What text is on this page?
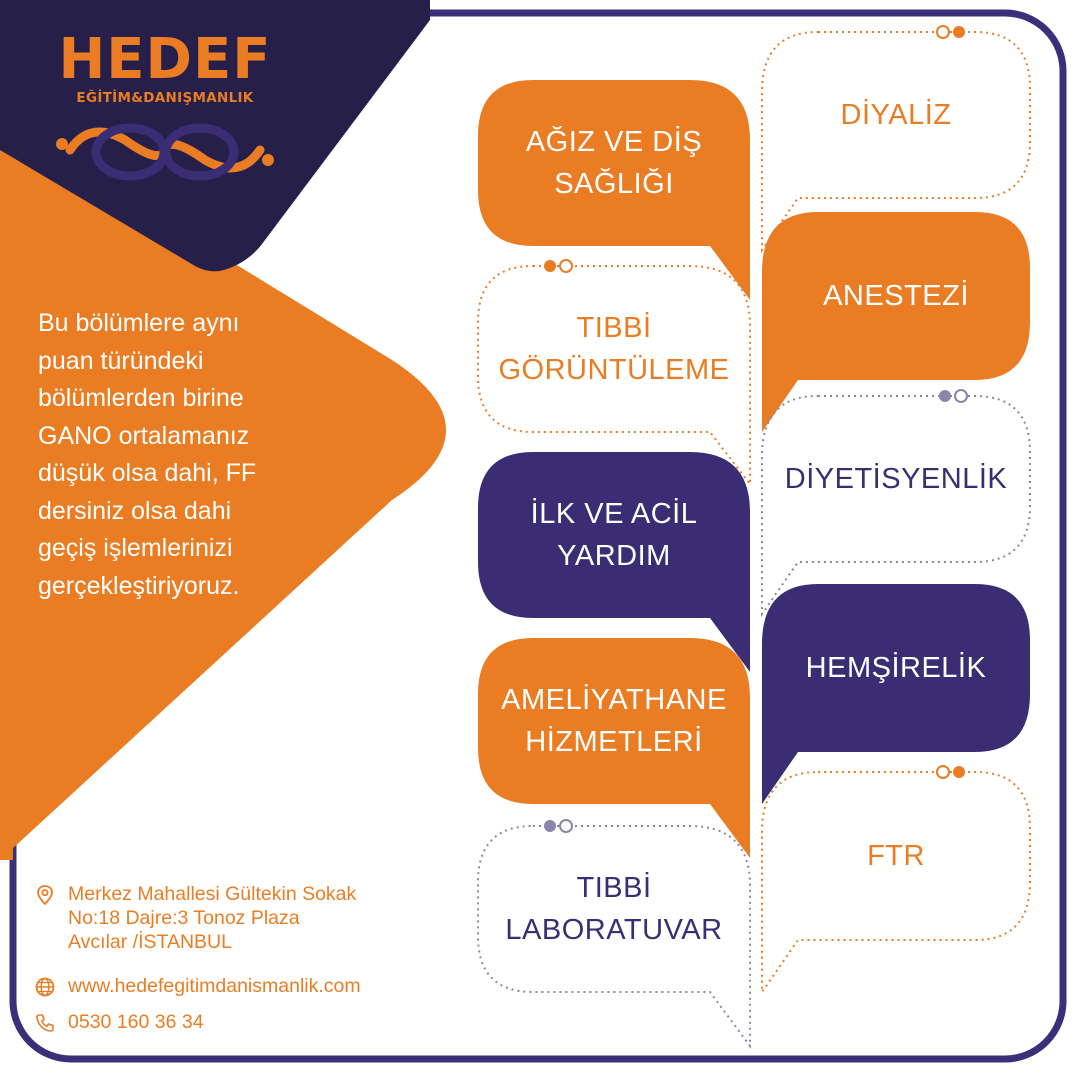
HEDEF
EĞİTİM&DANIŞMANLIK
Bu bölümlere aynı
puan türündeki
bölümlerden birine
GANO ortalamanız
düşük olsa dahi, FF
dersiniz olsa dahi
geçiş işlemlerinizi
gerçekleştiriyoruz.
AĞIZ VE DİŞ
SAĞLIĞI
DİYALİZ
TIBBİ
GÖRÜNTÜLEME
ANESTEZİ
DİYETİSYENLİK
İLK VE ACİL
YARDIM
HEMŞİRELİK
AMELİYATHANE
HİZMETLERİ
FTR
TIBBİ
LABORATUVAR
Merkez Mahallesi Gültekin Sokak
No:18 Dajre:3 Tonoz Plaza
Avcılar /İSTANBUL
www.hedefegitimdanismanlik.com
0530 160 36 34
